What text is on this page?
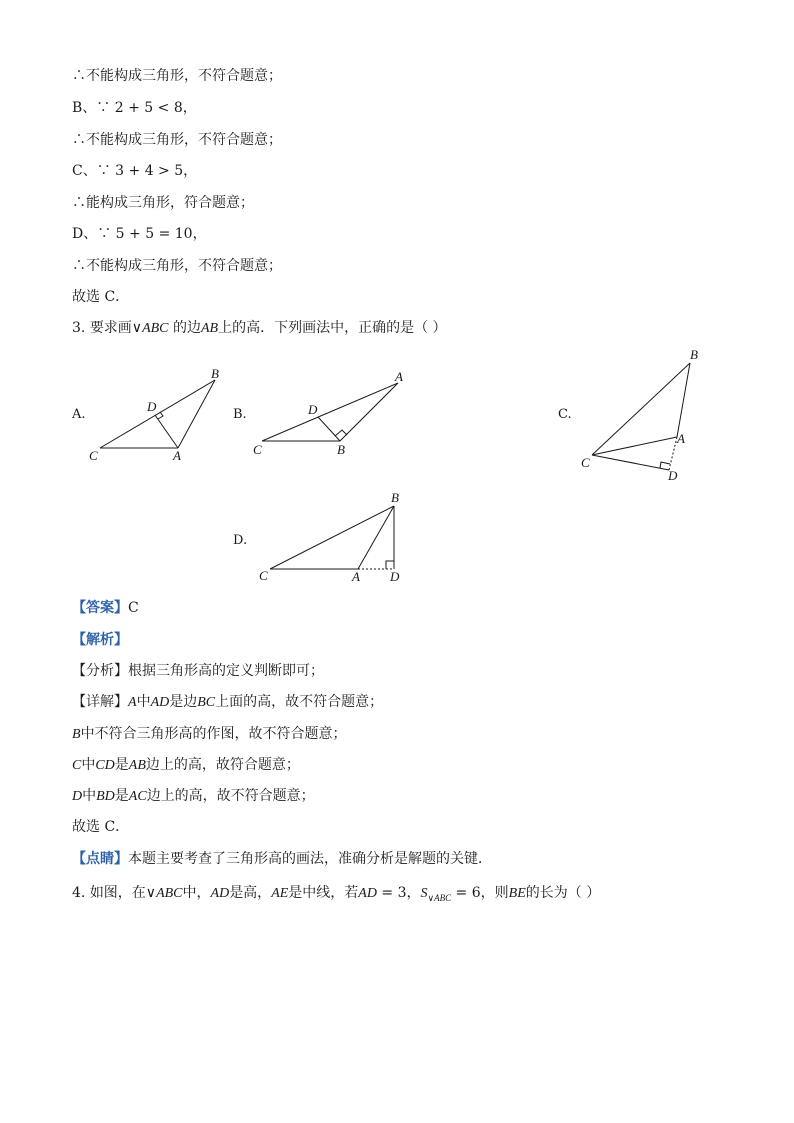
∴不能构成三角形，不符合题意；
B、∵ 2 + 5 < 8，
∴不能构成三角形，不符合题意；
C、∵ 3 + 4 > 5，
∴能构成三角形，符合题意；
D、∵ 5 + 5 = 10，
∴不能构成三角形，不符合题意；
故选 C．
3. 要求画∨ABC 的边AB上的高．下列画法中，正确的是（ ）
A.
B
D
C	A
B.
A
D
C	B
C.
B
A
C
D
D.
B
C	A D
【答案】C
【解析】
【分析】根据三角形高的定义判断即可；
【详解】A中AD是边BC上面的高，故不符合题意；
B中不符合三角形高的作图，故不符合题意；
C中CD是AB边上的高，故符合题意；
D中BD是AC边上的高，故不符合题意；
故选 C．
【点睛】本题主要考查了三角形高的画法，准确分析是解题的关键．
4. 如图，在∨ABC中，AD是高，AE是中线，若AD = 3，$S_{\vee ABC} = 6$，则BE的长为（ ）
